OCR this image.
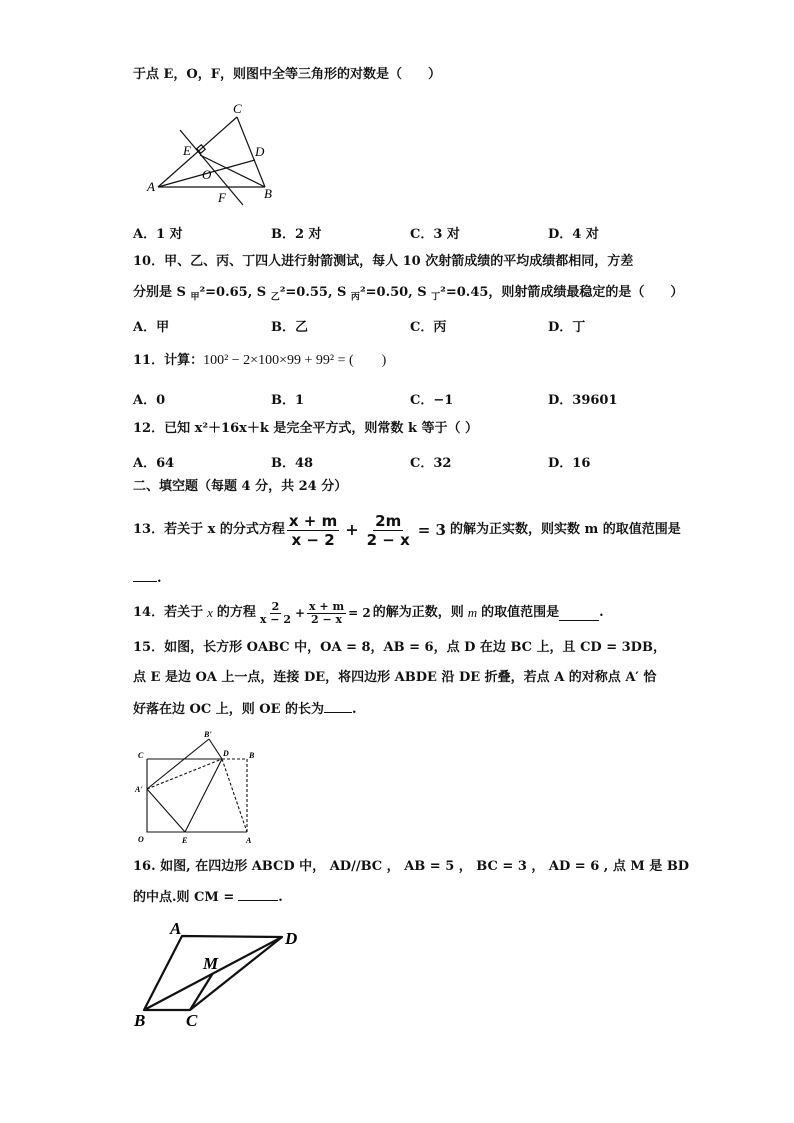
于点 E，O，F，则图中全等三角形的对数是（　　）
C
E	D
O
A
F	B
A．1 对	B．2 对	C．3 对	D．4 对
10．甲、乙、丙、丁四人进行射箭测试，每人 10 次射箭成绩的平均成绩都相同，方差
分别是 S $_甲$²=0.65, S $_乙$²=0.55, S $_丙$²=0.50, S $_丁$²=0.45，则射箭成绩最稳定的是（　　）
A．甲	B．乙	C．丙	D．丁
11．计算：100² − 2×100×99 + 99² = (　　)
A．0	B．1	C．−1	D．39601
12．已知 x²＋16x＋k 是完全平方式，则常数 k 等于（ ）
A．64	B．48	C．32	D．16
二、填空题（每题 4 分，共 24 分）
13．若关于 x 的分式方程 $\frac{x + m}{x - 2} + \frac{2m}{2 - x} = 3$ 的解为正实数，则实数 m 的取值范围是
.
14．若关于 x 的方程 $\frac{2}{x - 2} + \frac{x + m}{2 - x} = 2$ 的解为正数，则 m 的取值范围是	.
15．如图，长方形 OABC 中，OA = 8，AB = 6，点 D 在边 BC 上，且 CD = 3DB，
点 E 是边 OA 上一点，连接 DE，将四边形 ABDE 沿 DE 折叠，若点 A 的对称点 A′ 恰
好落在边 OC 上，则 OE 的长为 .
C
B'
D	B
A'
O	E	A
16. 如图, 在四边形 ABCD 中， AD//BC ， AB = 5 ， BC = 3 ， AD = 6 , 点 M 是 BD
的中点.则 CM =	.
A
D
M
B C
